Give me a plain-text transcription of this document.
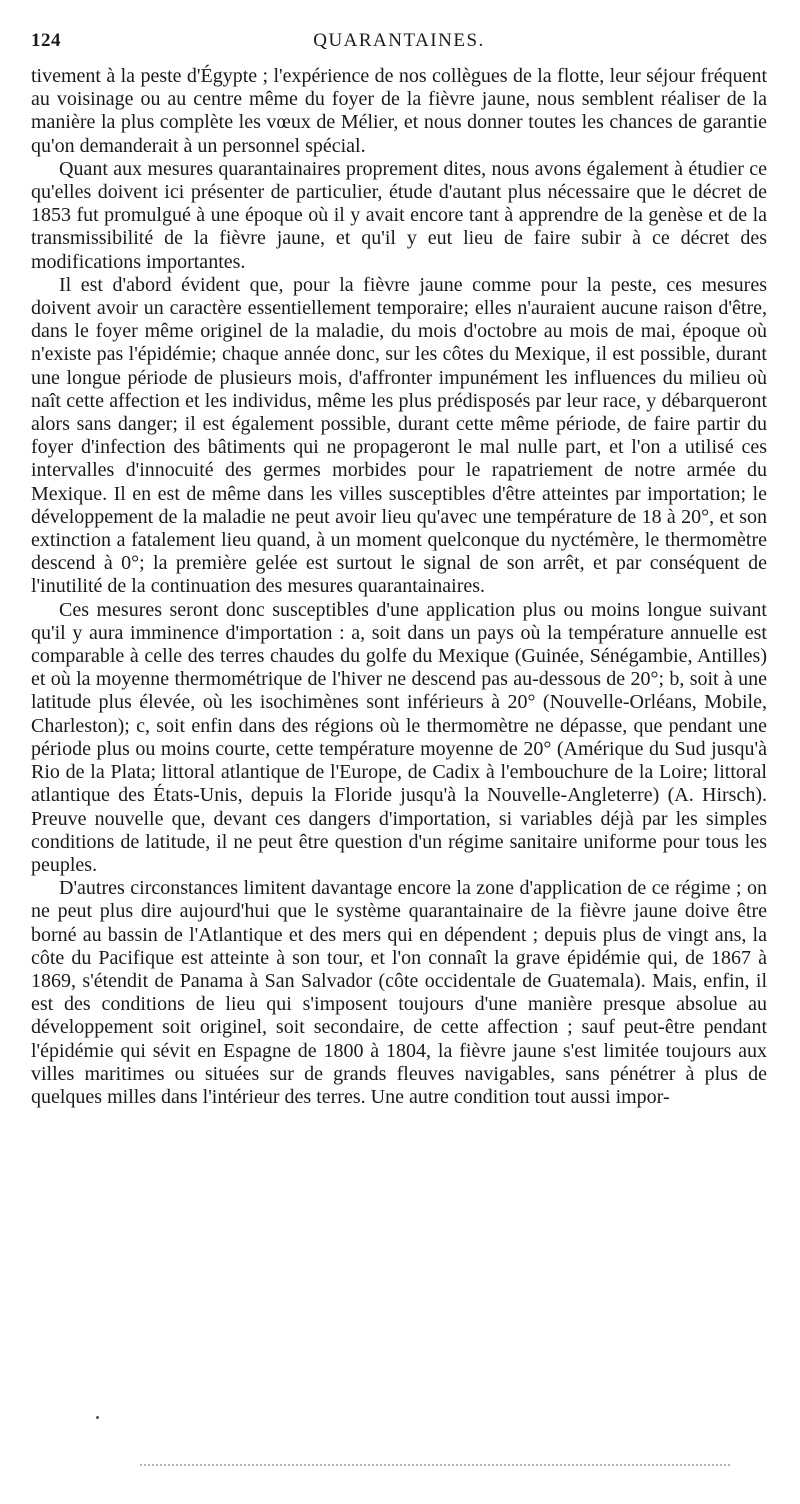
124	QUARANTAINES.

tivement à la peste d'Égypte ; l'expérience de nos collègues de la flotte, leur séjour fréquent au voisinage ou au centre même du foyer de la fièvre jaune, nous semblent réaliser de la manière la plus complète les vœux de Mélier, et nous donner toutes les chances de garantie qu'on demanderait à un personnel spécial.

Quant aux mesures quarantainaires proprement dites, nous avons également à étudier ce qu'elles doivent ici présenter de particulier, étude d'autant plus nécessaire que le décret de 1853 fut promulgué à une époque où il y avait encore tant à apprendre de la genèse et de la transmissibilité de la fièvre jaune, et qu'il y eut lieu de faire subir à ce décret des modifications importantes.

Il est d'abord évident que, pour la fièvre jaune comme pour la peste, ces mesures doivent avoir un caractère essentiellement temporaire; elles n'auraient aucune raison d'être, dans le foyer même originel de la maladie, du mois d'octobre au mois de mai, époque où n'existe pas l'épidémie; chaque année donc, sur les côtes du Mexique, il est possible, durant une longue période de plusieurs mois, d'affronter impunément les influences du milieu où naît cette affection et les individus, même les plus prédisposés par leur race, y débarqueront alors sans danger; il est également possible, durant cette même période, de faire partir du foyer d'infection des bâtiments qui ne propageront le mal nulle part, et l'on a utilisé ces intervalles d'innocuité des germes morbides pour le rapatriement de notre armée du Mexique. Il en est de même dans les villes susceptibles d'être atteintes par importation; le développement de la maladie ne peut avoir lieu qu'avec une température de 18 à 20°, et son extinction a fatalement lieu quand, à un moment quelconque du nyctémère, le thermomètre descend à 0°; la première gelée est surtout le signal de son arrêt, et par conséquent de l'inutilité de la continuation des mesures quarantainaires.

Ces mesures seront donc susceptibles d'une application plus ou moins longue suivant qu'il y aura imminence d'importation : a, soit dans un pays où la température annuelle est comparable à celle des terres chaudes du golfe du Mexique (Guinée, Sénégambie, Antilles) et où la moyenne thermométrique de l'hiver ne descend pas au-dessous de 20°; b, soit à une latitude plus élevée, où les isochimènes sont inférieurs à 20° (Nouvelle-Orléans, Mobile, Charleston); c, soit enfin dans des régions où le thermomètre ne dépasse, que pendant une période plus ou moins courte, cette température moyenne de 20° (Amérique du Sud jusqu'à Rio de la Plata; littoral atlantique de l'Europe, de Cadix à l'embouchure de la Loire; littoral atlantique des États-Unis, depuis la Floride jusqu'à la Nouvelle-Angleterre) (A. Hirsch). Preuve nouvelle que, devant ces dangers d'importation, si variables déjà par les simples conditions de latitude, il ne peut être question d'un régime sanitaire uniforme pour tous les peuples.

D'autres circonstances limitent davantage encore la zone d'application de ce régime ; on ne peut plus dire aujourd'hui que le système quarantainaire de la fièvre jaune doive être borné au bassin de l'Atlantique et des mers qui en dépendent ; depuis plus de vingt ans, la côte du Pacifique est atteinte à son tour, et l'on connaît la grave épidémie qui, de 1867 à 1869, s'étendit de Panama à San Salvador (côte occidentale de Guatemala). Mais, enfin, il est des conditions de lieu qui s'imposent toujours d'une manière presque absolue au développement soit originel, soit secondaire, de cette affection ; sauf peut-être pendant l'épidémie qui sévit en Espagne de 1800 à 1804, la fièvre jaune s'est limitée toujours aux villes maritimes ou situées sur de grands fleuves navigables, sans pénétrer à plus de quelques milles dans l'intérieur des terres. Une autre condition tout aussi impor-
